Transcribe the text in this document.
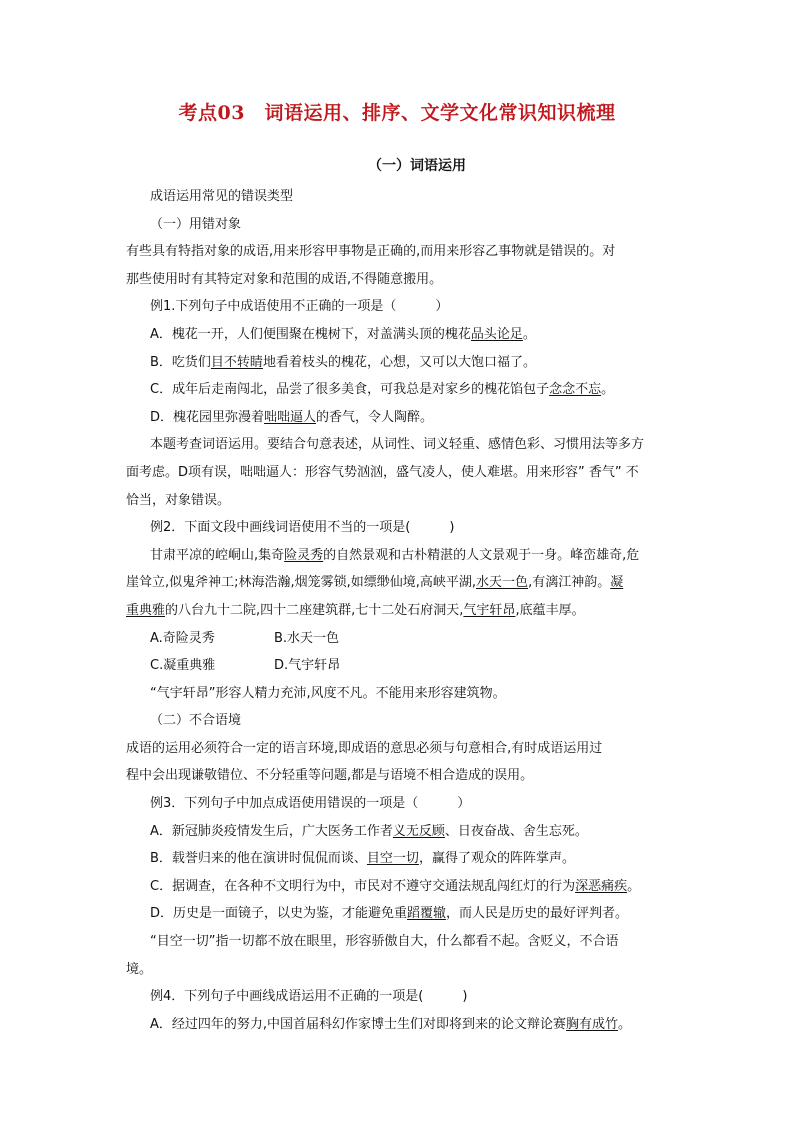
考点03　词语运用、排序、文学文化常识知识梳理
（一）词语运用
成语运用常见的错误类型
（一）用错对象
有些具有特指对象的成语,用来形容甲事物是正确的,而用来形容乙事物就是错误的。对
那些使用时有其特定对象和范围的成语,不得随意搬用。
例1.下列句子中成语使用不正确的一项是（　　　）
A．槐花一开，人们便围聚在槐树下，对盖满头顶的槐花品头论足。
B．吃货们目不转睛地看着枝头的槐花，心想，又可以大饱口福了。
C．成年后走南闯北，品尝了很多美食，可我总是对家乡的槐花馅包子念念不忘。
D．槐花园里弥漫着咄咄逼人的香气，令人陶醉。
本题考查词语运用。要结合句意表述，从词性、词义轻重、感情色彩、习惯用法等多方
面考虑。D项有误，咄咄逼人：形容气势汹汹，盛气凌人，使人难堪。用来形容” 香气” 不
恰当，对象错误。
例2．下面文段中画线词语使用不当的一项是(　　　)
甘肃平凉的崆峒山,集奇险灵秀的自然景观和古朴精湛的人文景观于一身。峰峦雄奇,危
崖耸立,似鬼斧神工;林海浩瀚,烟笼雾锁,如缥缈仙境,高峡平湖,水天一色,有漓江神韵。凝
重典雅的八台九十二院,四十二座建筑群,七十二处石府洞天,气宇轩昂,底蕴丰厚。
A.奇险灵秀	B.水天一色
C.凝重典雅	D.气宇轩昂
“气宇轩昂”形容人精力充沛,风度不凡。不能用来形容建筑物。
（二）不合语境
成语的运用必须符合一定的语言环境,即成语的意思必须与句意相合,有时成语运用过
程中会出现谦敬错位、不分轻重等问题,都是与语境不相合造成的误用。
例3．下列句子中加点成语使用错误的一项是（　　　）
A．新冠肺炎疫情发生后，广大医务工作者义无反顾、日夜奋战、舍生忘死。
B．载誉归来的他在演讲时侃侃而谈、目空一切，赢得了观众的阵阵掌声。
C．据调查，在各种不文明行为中，市民对不遵守交通法规乱闯红灯的行为深恶痛疾。
D．历史是一面镜子，以史为鉴，才能避免重蹈覆辙，而人民是历史的最好评判者。
“目空一切”指一切都不放在眼里，形容骄傲自大，什么都看不起。含贬义，不合语
境。
例4．下列句子中画线成语运用不正确的一项是(　　　)
A．经过四年的努力,中国首届科幻作家博士生们对即将到来的论文辩论赛胸有成竹。
